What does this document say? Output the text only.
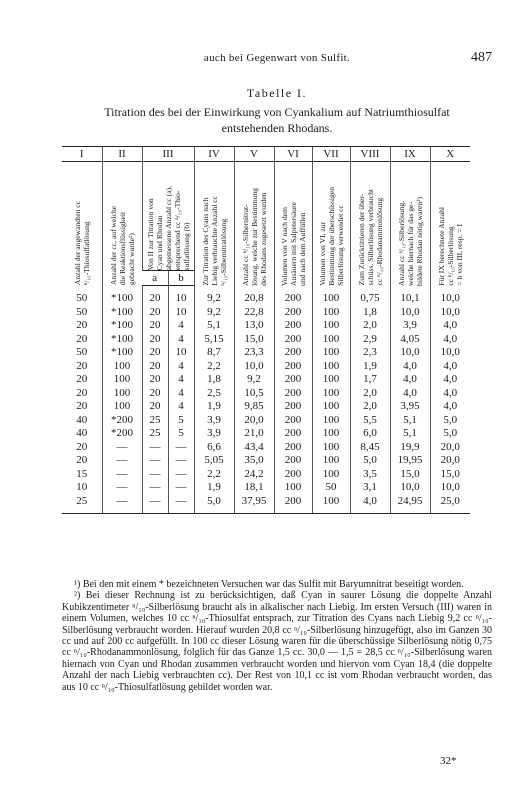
auch bei Gegenwart von Sulfit.	487
Tabelle I.
Titration des bei der Einwirkung von Cyankalium auf Natriumthiosulfat
entstehenden Rhodans.
I	II	III		IV	V	VI	VII	VIII	IX	X

Anzahl der angewandten cc
ⁿ/₁₀-Thiosulfatlösung	Anzahl der cc, auf welche
die Reaktionsflüssigkeit
gebracht wurde¹)	Von II zur Titration von
Cyan und Rhodan
abgemessene Anzahl cc (a),
entsprechend cc ⁿ/₁₀-Thio-
sulfatlösung (b)		Zur Titration des Cyans nach
Liebig verbrauchte Anzahl cc
ⁿ/₁₀-Silbernitratlösung	Anzahl cc ⁿ/₁₀-Silbernitrat-
lösung, welche zur Bestimmung
des Rhodans zugesetzt wurden	Volumen von V nach dem
Ausäuern mit Salpetersäure
und nach dem Auffüllen	Volumen von VI, zur
Bestimmung der überschüssigen
Silberlösung verwendet cc	Zum Zurücktitrieren der über-
schüss. Silberlösung verbraucht
cc ⁿ/₁₀-Rhodanammonlösung	Anzahl cc ⁿ/₁₀-Silberlösung,
welche hiernach für das ge-
bildete Rhodan nötig waren²)	Für IX berechnete Anzahl
cc ⁿ/₁₀-Silberlösung
= b von III, resp. = I

		a	b							
50	*100	20	10	9,2	20,8	200	100	0,75	10,1	10,0
50	*100	20	10	9,2	22,8	200	100	1,8	10,0	10,0
20	*100	20	4	5,1	13,0	200	100	2,0	3,9	4,0
20	*100	20	4	5,15	15,0	200	100	2,9	4,05	4,0
50	*100	20	10	8,7	23,3	200	100	2,3	10,0	10,0
20	100	20	4	2,2	10,0	200	100	1,9	4,0	4,0
20	100	20	4	1,8	9,2	200	100	1,7	4,0	4,0
20	100	20	4	2,5	10,5	200	100	2,0	4,0	4,0
20	100	20	4	1,9	9,85	200	100	2,0	3,95	4,0
40	*200	25	5	3,9	20,0	200	100	5,5	5,1	5,0
40	*200	25	5	3,9	21,0	200	100	6,0	5,1	5,0
20	—	—	—	6,6	43,4	200	100	8,45	19,9	20,0
20	—	—	—	5,05	35,0	200	100	5,0	19,95	20,0
15	—	—	—	2,2	24,2	200	100	3,5	15,0	15,0
10	—	—	—	1,9	18,1	100	50	3,1	10,0	10,0
25	—	—	—	5,0	37,95	200	100	4,0	24,95	25,0

¹) Bei den mit einem * bezeichneten Versuchen war das Sulfit mit Baryumnitrat beseitigt worden.

²) Bei dieser Rechnung ist zu berücksichtigen, daß Cyan in saurer Lösung die doppelte Anzahl Kubikzentimeter ⁿ/₁₀-Silberlösung braucht als in alkalischer nach Liebig. Im ersten Versuch (III) waren in einem Volumen, welches 10 cc ⁿ/₁₀-Thiosulfat entsprach, zur Titration des Cyans nach Liebig 9,2 cc ⁿ/₁₀-Silberlösung verbraucht worden. Hierauf wurden 20,8 cc ⁿ/₁₀-Silberlösung hinzugefügt, also im Ganzen 30 cc und auf 200 cc aufgefüllt. In 100 cc dieser Lösung waren für die überschüssige Silberlösung nötig 0,75 cc ⁿ/₁₀-Rhodanammonlösung, folglich für das Ganze 1,5 cc. 30,0 — 1,5 = 28,5 cc ⁿ/₁₀-Silberlösung waren hiernach von Cyan und Rhodan zusammen verbraucht worden und hiervon vom Cyan 18,4 (die doppelte Anzahl der nach Liebig verbrauchten cc). Der Rest von 10,1 cc ist vom Rhodan verbraucht worden, das aus 10 cc ⁿ/₁₀-Thiosulfatlösung gebildet worden war.

32*
